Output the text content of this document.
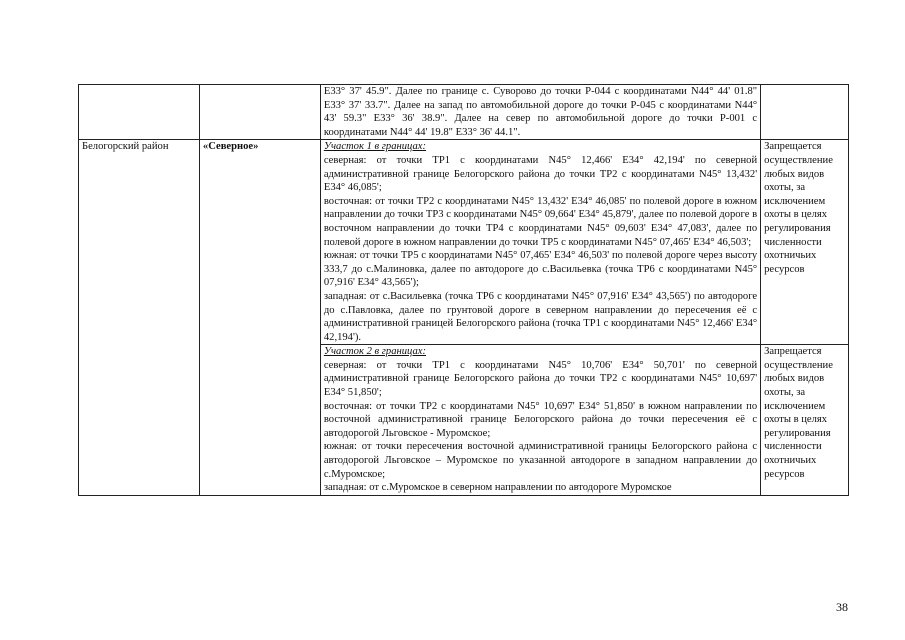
		E33° 37' 45.9". Далее по границе с. Суворово до точки Р-044 с координатами N44° 44' 01.8" E33° 37' 33.7". Далее на запад по автомобильной дороге до точки Р-045 с координатами N44° 43' 59.3" E33° 36' 38.9". Далее на север по автомобильной дороге до точки Р-001 с координатами N44° 44' 19.8" E33° 36' 44.1".	

Белогорский район	«Северное»	Участок 1 в границах:

северная: от точки ТР1 с координатами N45° 12,466' E34° 42,194' по северной административной границе Белогорского района до точки ТР2 с координатами N45° 13,432' E34° 46,085';

восточная: от точки ТР2 с координатами N45° 13,432' E34° 46,085' по полевой дороге в южном направлении до точки ТР3 с координатами N45° 09,664' E34° 45,879', далее по полевой дороге в восточном направлении до точки ТР4 с координатами N45° 09,603' E34° 47,083', далее по полевой дороге в южном направлении до точки ТР5 с координатами N45° 07,465' E34° 46,503';

южная: от точки ТР5 с координатами N45° 07,465' E34° 46,503' по полевой дороге через высоту 333,7 до с.Малиновка, далее по автодороге до с.Васильевка (точка ТР6 с координатами N45° 07,916' E34° 43,565');

западная: от с.Васильевка (точка ТР6 с координатами N45° 07,916' E34° 43,565') по автодороге до с.Павловка, далее по грунтовой дороге в северном направлении до пересечения её с административной границей Белогорского района (точка ТР1 с координатами N45° 12,466' E34° 42,194').	Запрещается осуществление любых видов охоты, за исключением охоты в целях регулирования численности охотничьих ресурсов

		Участок 2 в границах:

северная: от точки ТР1 с координатами N45° 10,706' E34° 50,701' по северной административной границе Белогорского района до точки ТР2 с координатами N45° 10,697' E34° 51,850';

восточная: от точки ТР2 с координатами N45° 10,697' E34° 51,850' в южном направлении по восточной административной границе Белогорского района до точки пересечения её с автодорогой Льговское - Муромское;

южная: от точки пересечения восточной административной границы Белогорского района с автодорогой Льговское – Муромское по указанной автодороге в западном направлении до с.Муромское;

западная: от с.Муромское в северном направлении по автодороге Муромское	Запрещается осуществление любых видов охоты, за исключением охоты в целях регулирования численности охотничьих ресурсов
38
